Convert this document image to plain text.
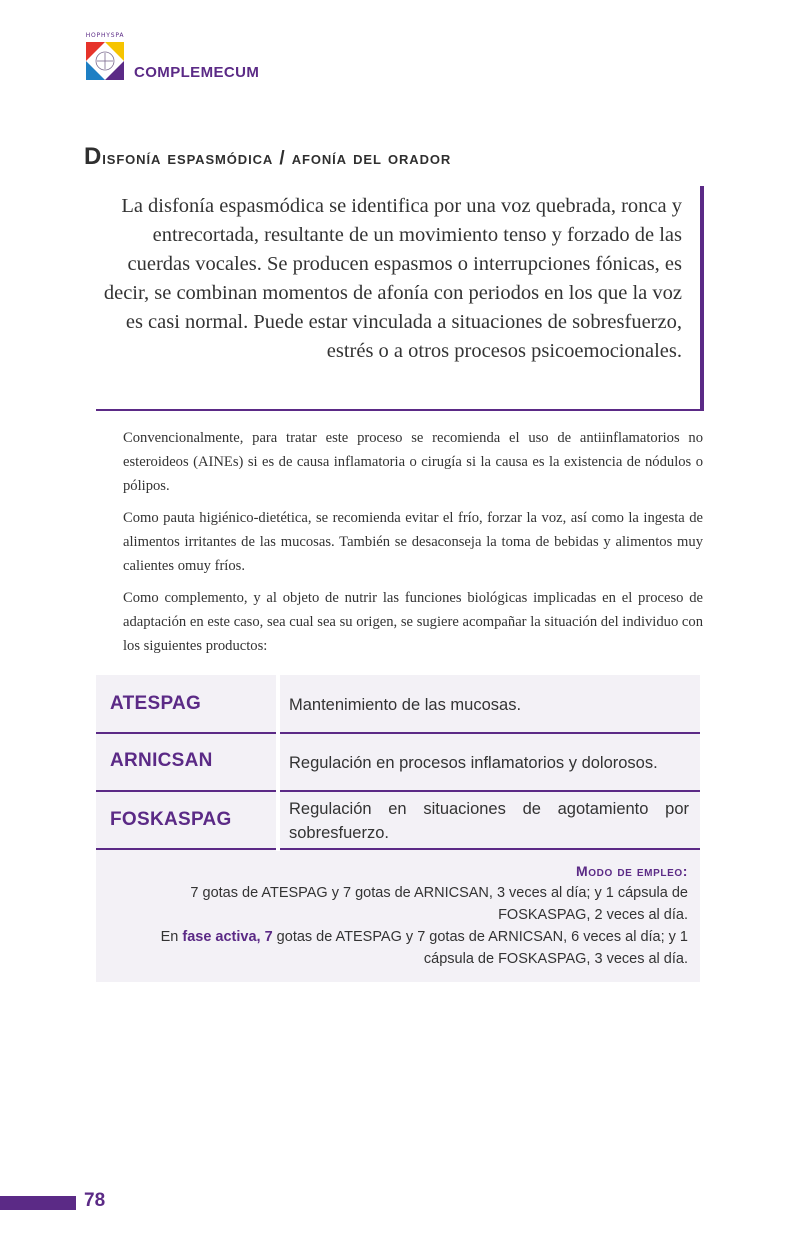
HOPHYSPA
COMPLEMECUM
Disfonía espasmódica / afonía del orador

La disfonía espasmódica se identifica por una voz quebrada, ronca y entrecortada, resultante de un movimiento tenso y forzado de las cuerdas vocales. Se producen espasmos o interrupciones fónicas, es decir, se combinan momentos de afonía con periodos en los que la voz es casi normal. Puede estar vinculada a situaciones de sobresfuerzo, estrés o a otros procesos psicoemocionales.

Convencionalmente, para tratar este proceso se recomienda el uso de antiinflamatorios no esteroideos (AINEs) si es de causa inflamatoria o cirugía si la causa es la existencia de nódulos o pólipos.

Como pauta higiénico-dietética, se recomienda evitar el frío, forzar la voz, así como la ingesta de alimentos irritantes de las mucosas. También se desaconseja la toma de bebidas y alimentos muy calientes omuy fríos.

Como complemento, y al objeto de nutrir las funciones biológicas implicadas en el proceso de adaptación en este caso, sea cual sea su origen, se sugiere acompañar la situación del individuo con los siguientes productos:

ATESPAG	Mantenimiento de las mucosas.
ARNICSAN	Regulación en procesos inflamatorios y dolorosos.
FOSKASPAG	Regulación en situaciones de agotamiento por sobresfuerzo.
Modo de empleo:
7 gotas de ATESPAG y 7 gotas de ARNICSAN, 3 veces al día; y 1 cápsula de
FOSKASPAG, 2 veces al día.
En fase activa, 7 gotas de ATESPAG y 7 gotas de ARNICSAN, 6 veces al día; y 1
cápsula de FOSKASPAG, 3 veces al día.
78
